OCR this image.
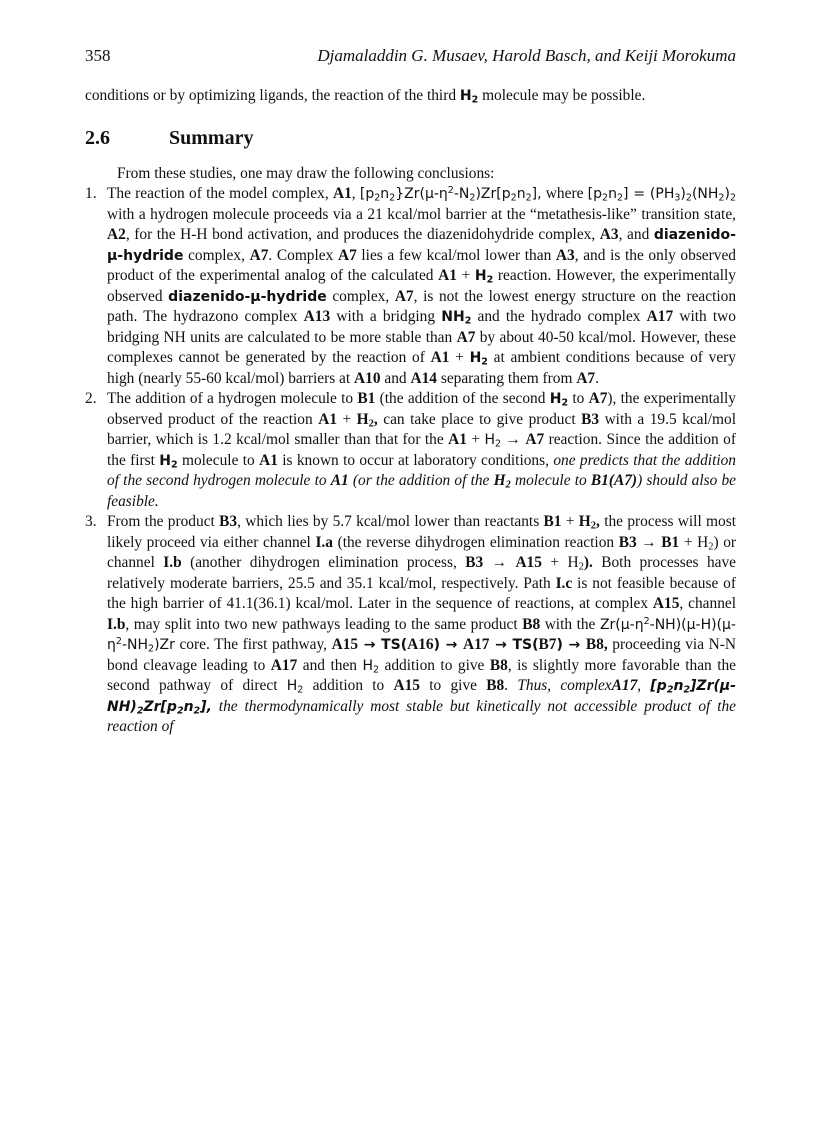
358	Djamaladdin G. Musaev, Harold Basch, and Keiji Morokuma

conditions or by optimizing ligands, the reaction of the third $H_2$ molecule may be possible.

2.6	Summary

From these studies, one may draw the following conclusions:

1. The reaction of the model complex, A1, $[p_2n_2\}Zr(\mu-\eta^2-N_2)Zr[p_2n_2]$, where $[p_2n_2] = (PH_3)_2(NH_2)_2$ with a hydrogen molecule proceeds via a 21 kcal/mol barrier at the “metathesis-like” transition state, A2, for the H-H bond activation, and produces the diazenidohydride complex, A3, and diazenido-μ-hydride complex, A7. Complex A7 lies a few kcal/mol lower than A3, and is the only observed product of the experimental analog of the calculated $A1 + H_2$ reaction. However, the experimentally observed diazenido-μ-hydride complex, A7, is not the lowest energy structure on the reaction path. The hydrazono complex A13 with a bridging $NH_2$ and the hydrado complex A17 with two bridging NH units are calculated to be more stable than A7 by about 40-50 kcal/mol. However, these complexes cannot be generated by the reaction of $A1 + H_2$ at ambient conditions because of very high (nearly 55-60 kcal/mol) barriers at A10 and A14 separating them from A7.
2. The addition of a hydrogen molecule to B1 (the addition of the second $H_2$ to A7), the experimentally observed product of the reaction $A1 + H_2$, can take place to give product B3 with a 19.5 kcal/mol barrier, which is 1.2 kcal/mol smaller than that for the $A1 + H_2 \to A7$ reaction. Since the addition of the first $H_2$ molecule to A1 is known to occur at laboratory conditions, one predicts that the addition of the second hydrogen molecule to A1 (or the addition of the $H_2$ molecule to B1(A7)) should also be feasible.
3. From the product B3, which lies by 5.7 kcal/mol lower than reactants $B1 + H_2$, the process will most likely proceed via either channel I.a (the reverse dihydrogen elimination reaction $B3 \to B1 + H_2$) or channel I.b (another dihydrogen elimination process, $B3 \to A15 + H_2$). Both processes have relatively moderate barriers, 25.5 and 35.1 kcal/mol, respectively. Path I.c is not feasible because of the high barrier of 41.1(36.1) kcal/mol. Later in the sequence of reactions, at complex A15, channel I.b, may split into two new pathways leading to the same product B8 with the $Zr(\mu-\eta^2-NH)(\mu-H)(\mu-\eta^2-NH_2)Zr$ core. The first pathway, A15 → TS(A16) → A17 → TS(B7) → B8, proceeding via N-N bond cleavage leading to A17 and then $H_2$ addition to give B8, is slightly more favorable than the second pathway of direct $H_2$ addition to A15 to give B8. Thus, complexA17, $[p_2n_2]Zr(\mu-NH)_2Zr[p_2n_2]$, the thermodynamically most stable but kinetically not accessible product of the reaction of
